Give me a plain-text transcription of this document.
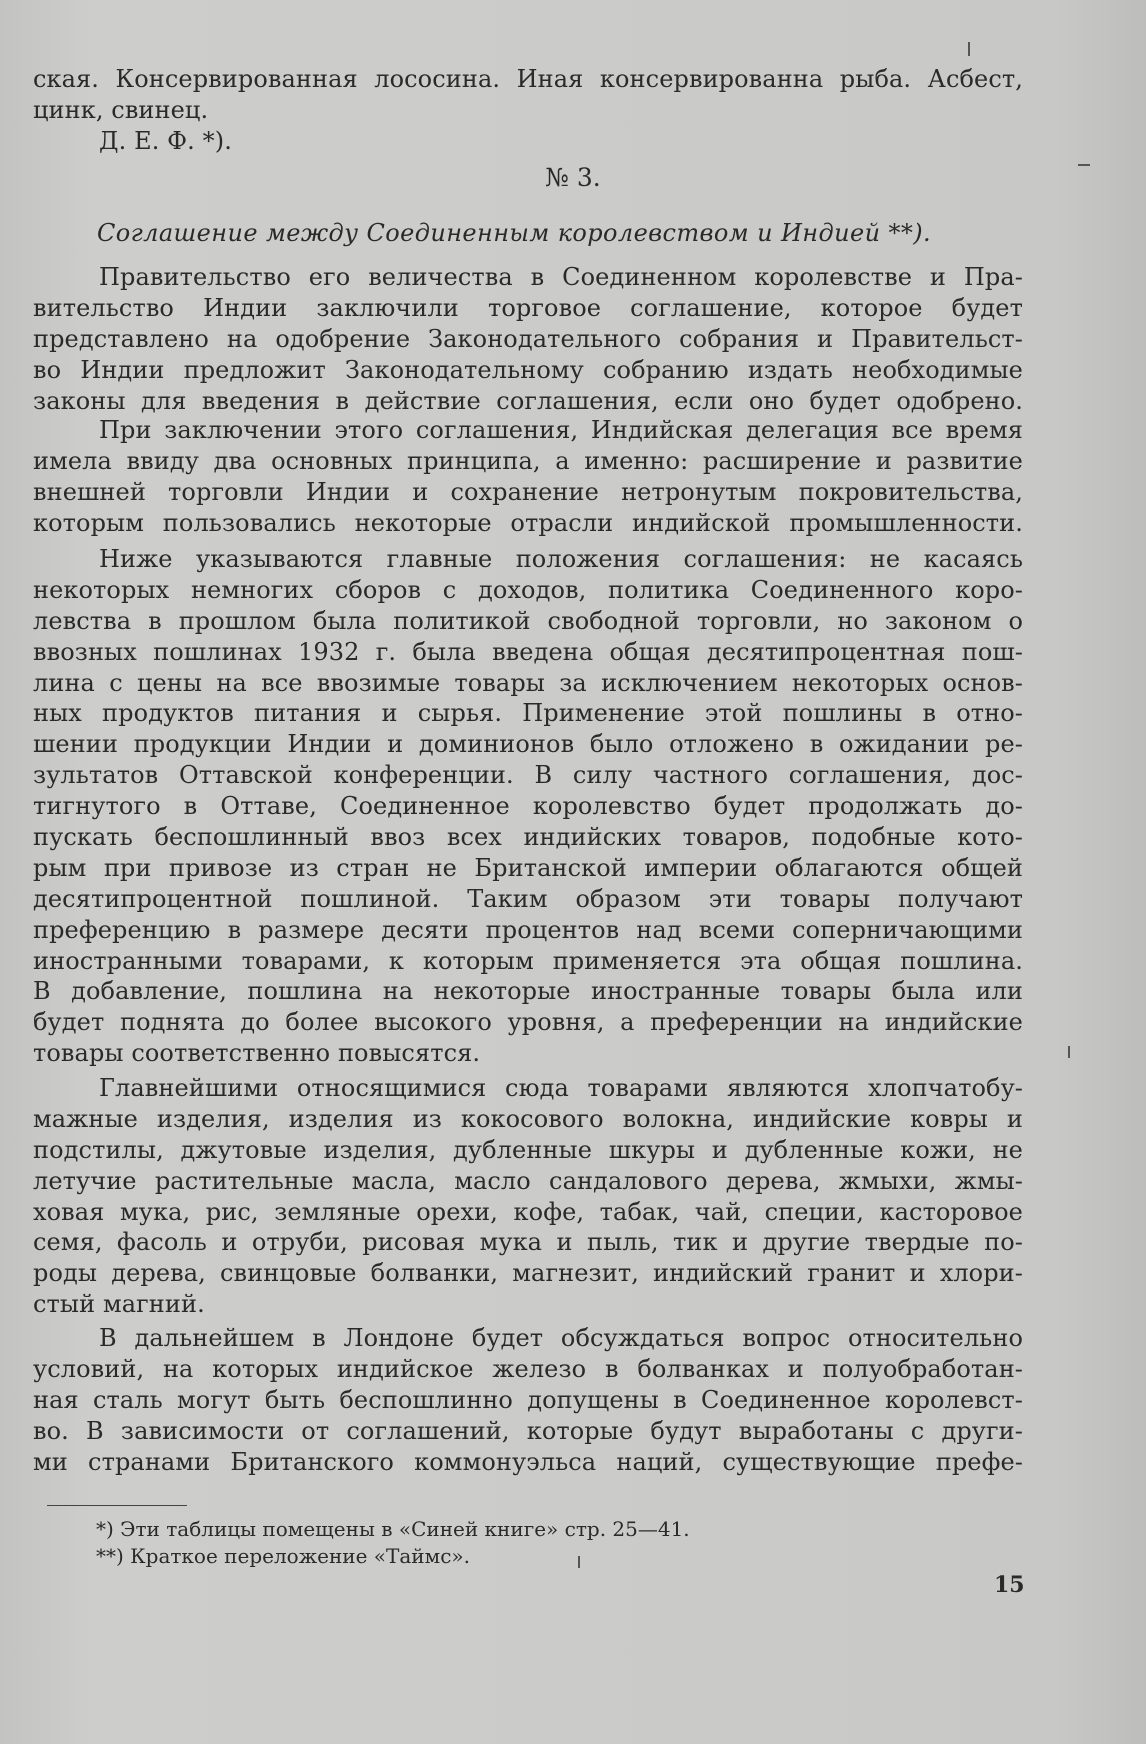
ская. Консервированная лососина. Иная консервированна рыба. Асбест,
цинк, свинец.
Д. Е. Ф. *).
№ 3.
Соглашение между Соединенным королевством и Индией **).
Правительство его величества в Соединенном королевстве и Пра-
вительство Индии заключили торговое соглашение, которое будет
представлено на одобрение Законодательного собрания и Правительст-
во Индии предложит Законодательному собранию издать необходимые
законы для введения в действие соглашения, если оно будет одобрено.
При заключении этого соглашения, Индийская делегация все время
имела ввиду два основных принципа, а именно: расширение и развитие
внешней торговли Индии и сохранение нетронутым покровительства,
которым пользовались некоторые отрасли индийской промышленности.
Ниже указываются главные положения соглашения: не касаясь
некоторых немногих сборов с доходов, политика Соединенного коро-
левства в прошлом была политикой свободной торговли, но законом о
ввозных пошлинах 1932 г. была введена общая десятипроцентная пош-
лина с цены на все ввозимые товары за исключением некоторых основ-
ных продуктов питания и сырья. Применение этой пошлины в отно-
шении продукции Индии и доминионов было отложено в ожидании ре-
зультатов Оттавской конференции. В силу частного соглашения, дос-
тигнутого в Оттаве, Соединенное королевство будет продолжать до-
пускать беспошлинный ввоз всех индийских товаров, подобные кото-
рым при привозе из стран не Британской империи облагаются общей
десятипроцентной пошлиной. Таким образом эти товары получают
преференцию в размере десяти процентов над всеми соперничающими
иностранными товарами, к которым применяется эта общая пошлина.
В добавление, пошлина на некоторые иностранные товары была или
будет поднята до более высокого уровня, а преференции на индийские
товары соответственно повысятся.
Главнейшими относящимися сюда товарами являются хлопчатобу-
мажные изделия, изделия из кокосового волокна, индийские ковры и
подстилы, джутовые изделия, дубленные шкуры и дубленные кожи, не
летучие растительные масла, масло сандалового дерева, жмыхи, жмы-
ховая мука, рис, земляные орехи, кофе, табак, чай, специи, касторовое
семя, фасоль и отруби, рисовая мука и пыль, тик и другие твердые по-
роды дерева, свинцовые болванки, магнезит, индийский гранит и хлори-
стый магний.
В дальнейшем в Лондоне будет обсуждаться вопрос относительно
условий, на которых индийское железо в болванках и полуобработан-
ная сталь могут быть беспошлинно допущены в Соединенное королевст-
во. В зависимости от соглашений, которые будут выработаны с други-
ми странами Британского коммонуэльса наций, существующие префе-
*) Эти таблицы помещены в «Синей книге» стр. 25—41.
**) Краткое переложение «Таймс».
15
